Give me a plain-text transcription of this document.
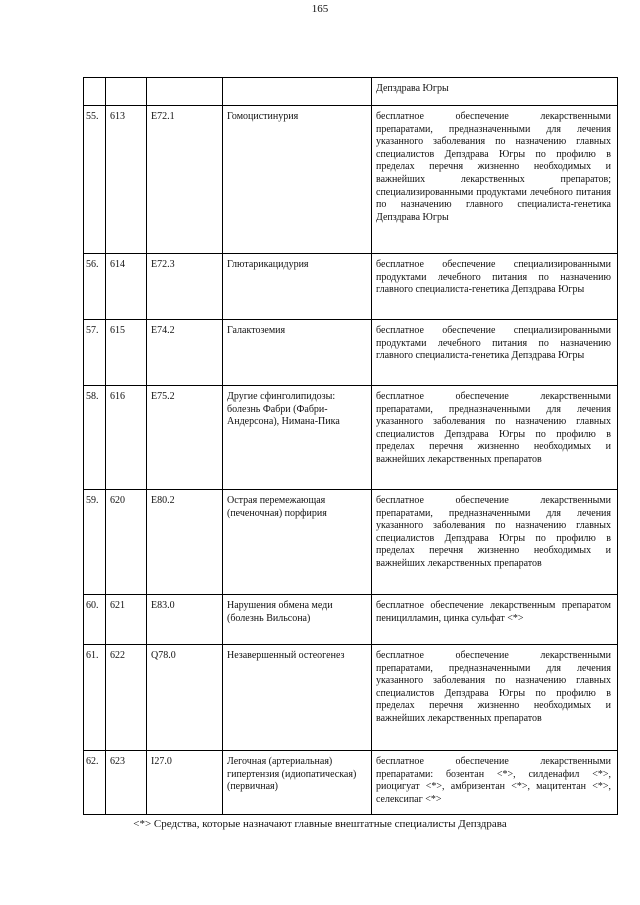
165
				Депздрава Югры
55.	613	E72.1	Гомоцистинурия	бесплатное обеспечение лекарственными препаратами, предназначенными для лечения указанного заболевания по назначению главных специалистов Депздрава Югры по профилю в пределах перечня жизненно необходимых и важнейших лекарственных препаратов; специализированными продуктами лечебного питания по назначению главного специалиста-генетика Депздрава Югры
56.	614	E72.3	Глютарикацидурия	бесплатное обеспечение специализированными продуктами лечебного питания по назначению главного специалиста-генетика Депздрава Югры
57.	615	E74.2	Галактоземия	бесплатное обеспечение специализированными продуктами лечебного питания по назначению главного специалиста-генетика Депздрава Югры
58.	616	E75.2	Другие сфинголипидозы: болезнь Фабри (Фабри-Андерсона), Нимана-Пика	бесплатное обеспечение лекарственными препаратами, предназначенными для лечения указанного заболевания по назначению главных специалистов Депздрава Югры по профилю в пределах перечня жизненно необходимых и важнейших лекарственных препаратов
59.	620	E80.2	Острая перемежающая (печеночная) порфирия	бесплатное обеспечение лекарственными препаратами, предназначенными для лечения указанного заболевания по назначению главных специалистов Депздрава Югры по профилю в пределах перечня жизненно необходимых и важнейших лекарственных препаратов
60.	621	E83.0	Нарушения обмена меди (болезнь Вильсона)	бесплатное обеспечение лекарственным препаратом пеницилламин, цинка сульфат <*>
61.	622	Q78.0	Незавершенный остеогенез	бесплатное обеспечение лекарственными препаратами, предназначенными для лечения указанного заболевания по назначению главных специалистов Депздрава Югры по профилю в пределах перечня жизненно необходимых и важнейших лекарственных препаратов
62.	623	I27.0	Легочная (артериальная) гипертензия (идиопатическая) (первичная)	бесплатное обеспечение лекарственными препаратами: бозентан <*>, силденафил <*>, риоцигуат <*>, амбризентан <*>, мацитентан <*>, селексипаг <*>
<*> Средства, которые назначают главные внештатные специалисты Депздрава
